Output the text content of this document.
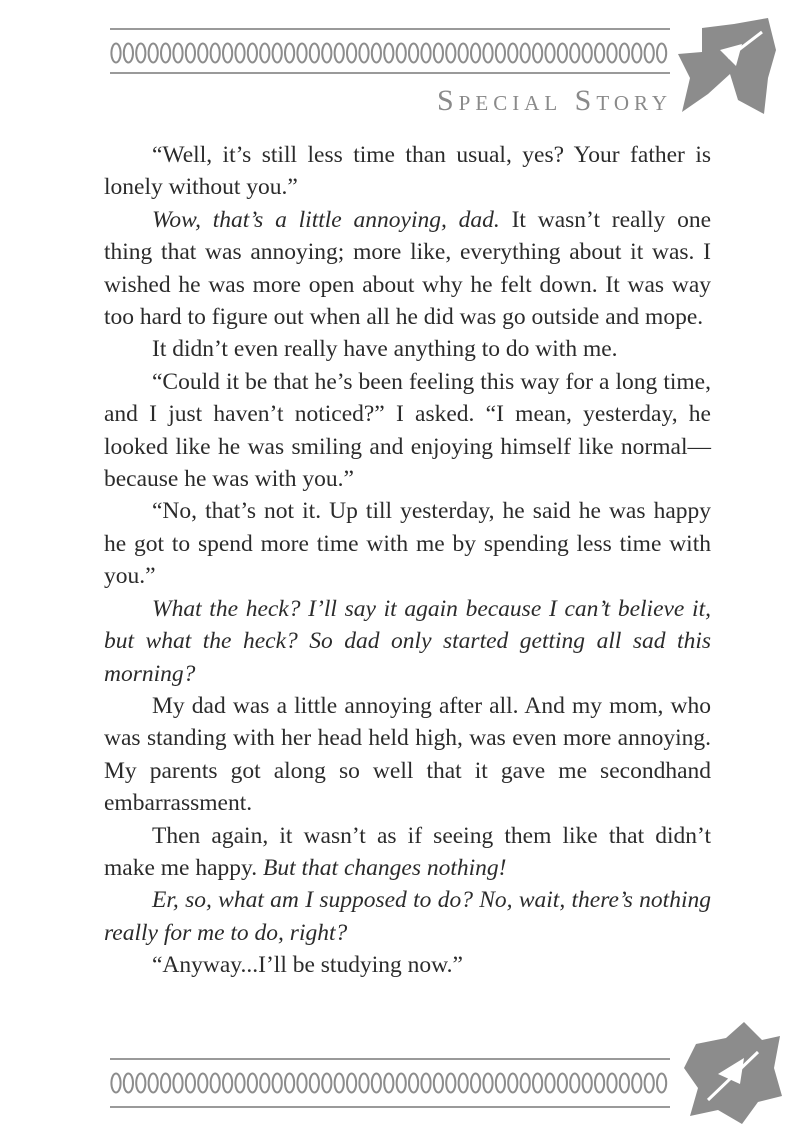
Special Story

“Well, it’s still less time than usual, yes? Your father is lonely without you.”

Wow, that’s a little annoying, dad. It wasn’t really one thing that was annoying; more like, everything about it was. I wished he was more open about why he felt down. It was way too hard to figure out when all he did was go outside and mope.

It didn’t even really have anything to do with me.

“Could it be that he’s been feeling this way for a long time, and I just haven’t noticed?” I asked. “I mean, yesterday, he looked like he was smiling and enjoying himself like normal—because he was with you.”

“No, that’s not it. Up till yesterday, he said he was happy he got to spend more time with me by spending less time with you.”

What the heck? I’ll say it again because I can’t believe it, but what the heck? So dad only started getting all sad this morning?

My dad was a little annoying after all. And my mom, who was standing with her head held high, was even more annoying. My parents got along so well that it gave me secondhand embarrassment.

Then again, it wasn’t as if seeing them like that didn’t make me happy. But that changes nothing!

Er, so, what am I supposed to do? No, wait, there’s nothing really for me to do, right?

“Anyway...I’ll be studying now.”
